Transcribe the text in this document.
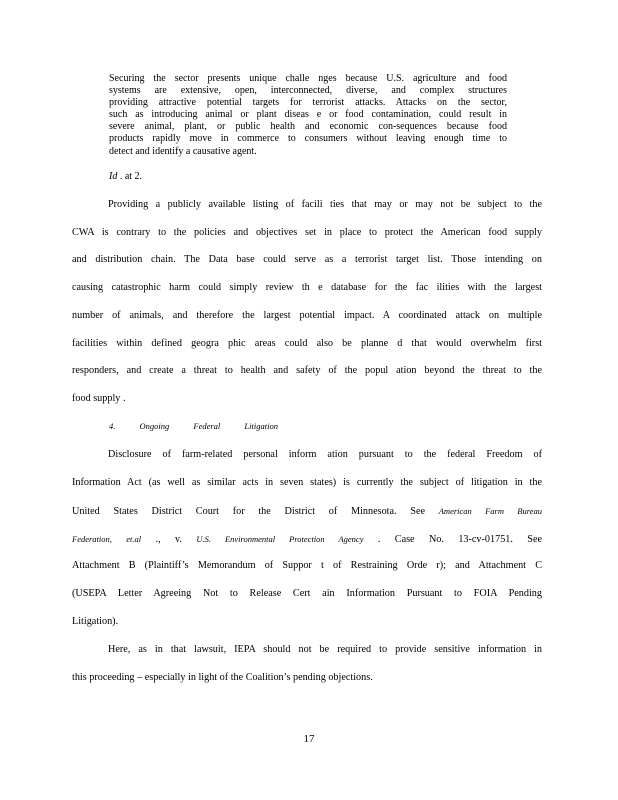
Securing the sector presents unique challe nges because U.S. agriculture and food
systems are extensive, open, interconnected, diverse, and complex structures
providing attractive potential targets for terrorist attacks. Attacks on the sector,
such as introducing animal or plant diseas e or food contamination, could result in
severe animal, plant, or public health and economic con-sequences because food
products rapidly move in commerce to consumers without leaving enough time to
detect and identify a causative agent.
Id . at 2.
Providing a publicly available listing of facili ties that may or may not be subject to the
CWA is contrary to the policies and objectives set in place to protect the American food supply
and distribution chain. The Data base could serve as a terrorist target list. Those intending on
causing catastrophic harm could simply review th e database for the fac ilities with the largest
number of animals, and therefore the largest potential impact. A coordinated attack on multiple
facilities within defined geogra phic areas could also be planne d that would overwhelm first
responders, and create a threat to health and safety of the popul ation beyond the threat to the
food supply .
4.	Ongoing	Federal	Litigation
Disclosure of farm-related personal inform ation pursuant to the federal Freedom of
Information Act (as well as similar acts in seven states) is currently the subject of litigation in the
United States District Court for the District of Minnesota. See American Farm Bureau
Federation, et.al ., v. U.S. Environmental Protection Agency . Case No. 13-cv-01751. See
Attachment B (Plaintiff’s Memorandum of Suppor t of Restraining Orde r); and Attachment C
(USEPA Letter Agreeing Not to Release Cert ain Information Pursuant to FOIA Pending
Litigation).
Here, as in that lawsuit, IEPA should not be required to provide sensitive information in
this proceeding – especially in light of the Coalition’s pending objections.
17
